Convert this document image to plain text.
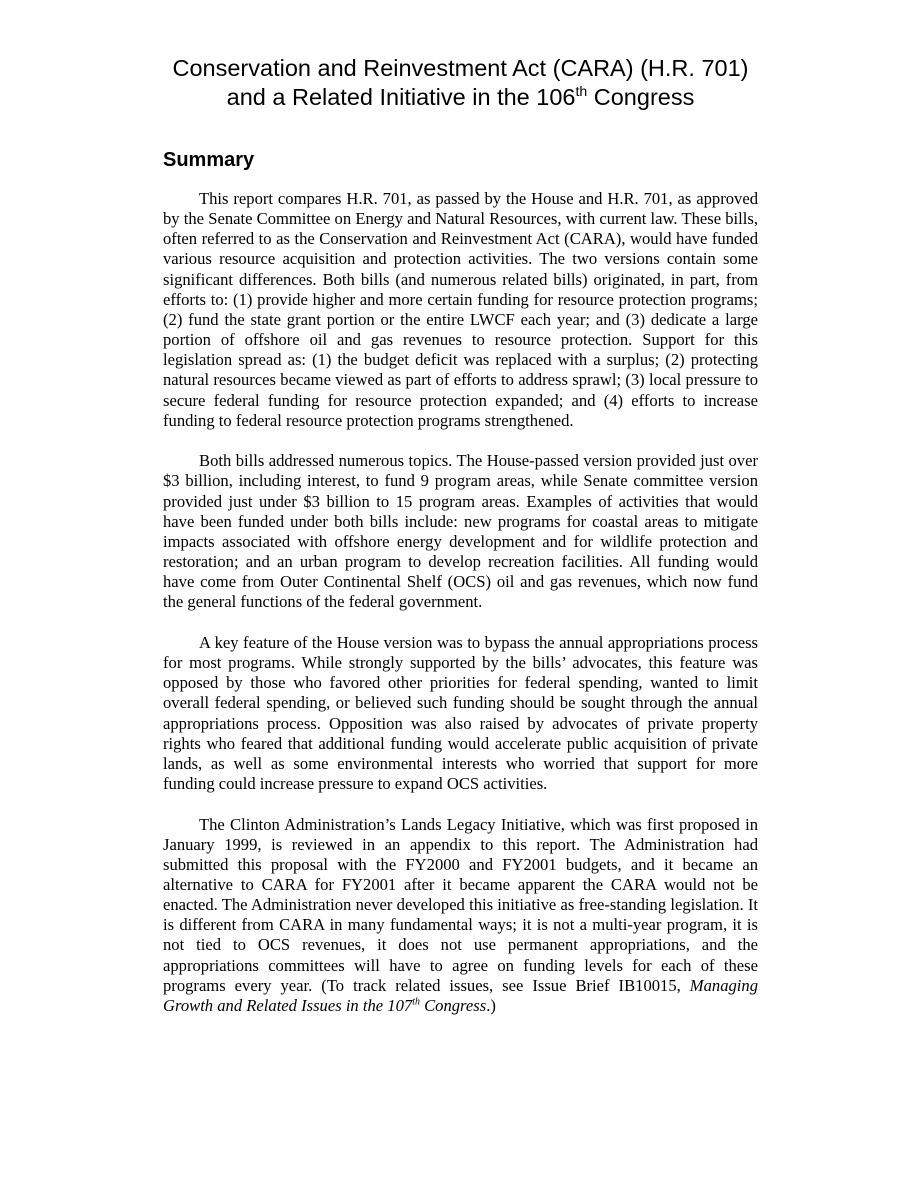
Conservation and Reinvestment Act (CARA) (H.R. 701)
and a Related Initiative in the 106th Congress
Summary

This report compares H.R. 701, as passed by the House and H.R. 701, as approved by the Senate Committee on Energy and Natural Resources, with current law. These bills, often referred to as the Conservation and Reinvestment Act (CARA), would have funded various resource acquisition and protection activities. The two versions contain some significant differences. Both bills (and numerous related bills) originated, in part, from efforts to: (1) provide higher and more certain funding for resource protection programs; (2) fund the state grant portion or the entire LWCF each year; and (3) dedicate a large portion of offshore oil and gas revenues to resource protection. Support for this legislation spread as: (1) the budget deficit was replaced with a surplus; (2) protecting natural resources became viewed as part of efforts to address sprawl; (3) local pressure to secure federal funding for resource protection expanded; and (4) efforts to increase funding to federal resource protection programs strengthened.

Both bills addressed numerous topics. The House-passed version provided just over $3 billion, including interest, to fund 9 program areas, while Senate committee version provided just under $3 billion to 15 program areas. Examples of activities that would have been funded under both bills include: new programs for coastal areas to mitigate impacts associated with offshore energy development and for wildlife protection and restoration; and an urban program to develop recreation facilities. All funding would have come from Outer Continental Shelf (OCS) oil and gas revenues, which now fund the general functions of the federal government.

A key feature of the House version was to bypass the annual appropriations process for most programs. While strongly supported by the bills’ advocates, this feature was opposed by those who favored other priorities for federal spending, wanted to limit overall federal spending, or believed such funding should be sought through the annual appropriations process. Opposition was also raised by advocates of private property rights who feared that additional funding would accelerate public acquisition of private lands, as well as some environmental interests who worried that support for more funding could increase pressure to expand OCS activities.

The Clinton Administration’s Lands Legacy Initiative, which was first proposed in January 1999, is reviewed in an appendix to this report. The Administration had submitted this proposal with the FY2000 and FY2001 budgets, and it became an alternative to CARA for FY2001 after it became apparent the CARA would not be enacted. The Administration never developed this initiative as free-standing legislation. It is different from CARA in many fundamental ways; it is not a multi-year program, it is not tied to OCS revenues, it does not use permanent appropriations, and the appropriations committees will have to agree on funding levels for each of these programs every year. (To track related issues, see Issue Brief IB10015, Managing Growth and Related Issues in the 107th Congress.)
